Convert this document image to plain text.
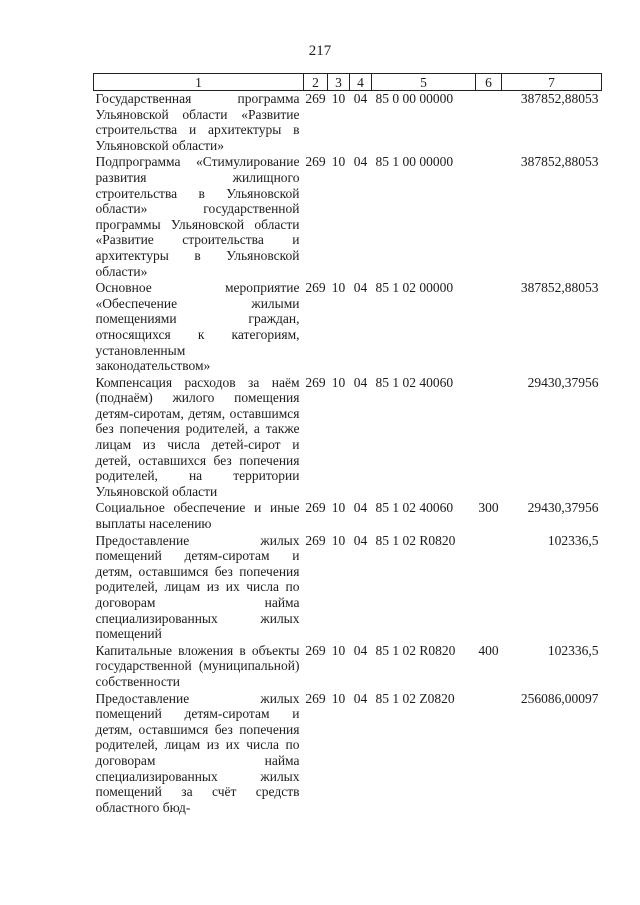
217
1	2	3	4	5	6	7
Государственная программа Ульяновской области «Развитие строительства и архитектуры в Ульяновской области»	269	10	04	85 0 00 00000		387852,88053
Подпрограмма «Стимулирование развития жилищного строительства в Ульяновской области» государственной программы Ульяновской области «Развитие строительства и архитектуры в Ульяновской области»	269	10	04	85 1 00 00000		387852,88053
Основное мероприятие «Обеспечение жилыми помещениями граждан, относящихся к категориям, установленным законодательством»	269	10	04	85 1 02 00000		387852,88053
Компенсация расходов за наём (поднаём) жилого помещения детям-сиротам, детям, оставшимся без попечения родителей, а также лицам из числа детей-сирот и детей, оставшихся без попечения родителей, на территории Ульяновской области	269	10	04	85 1 02 40060		29430,37956
Социальное обеспечение и иные выплаты населению	269	10	04	85 1 02 40060	300	29430,37956
Предоставление жилых помещений детям-сиротам и детям, оставшимся без попечения родителей, лицам из их числа по договорам найма специализированных жилых помещений	269	10	04	85 1 02 R0820		102336,5
Капитальные вложения в объекты государственной (муниципальной) собственности	269	10	04	85 1 02 R0820	400	102336,5
Предоставление жилых помещений детям-сиротам и детям, оставшимся без попечения родителей, лицам из их числа по договорам найма специализированных жилых помещений за счёт средств областного бюд-	269	10	04	85 1 02 Z0820		256086,00097
